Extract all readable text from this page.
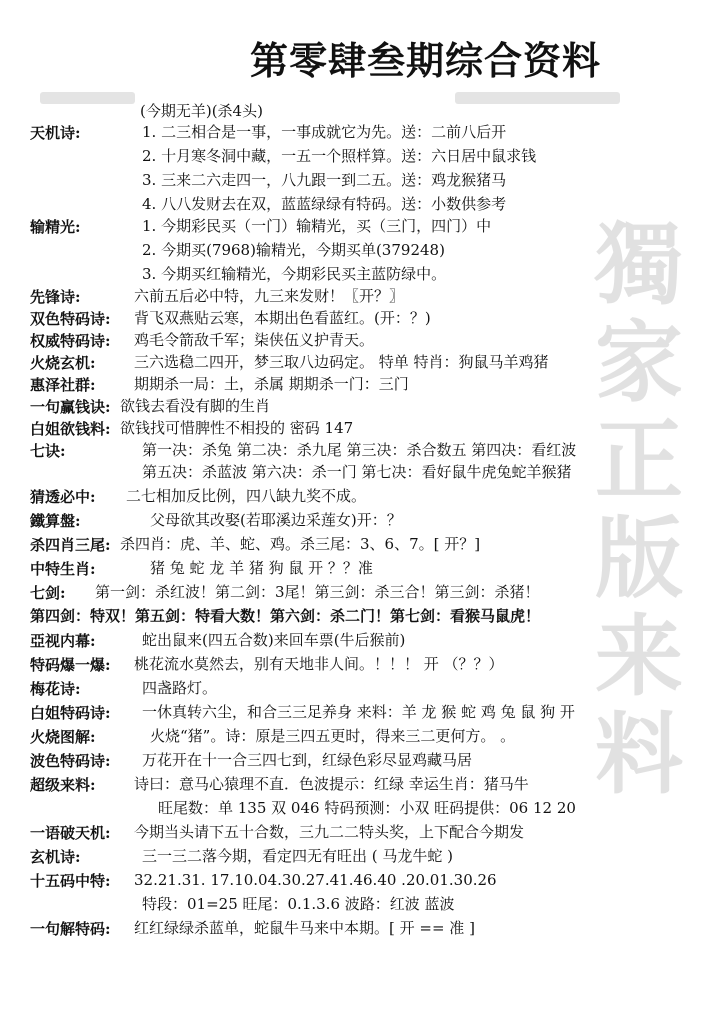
第零肆叁期综合资料
(今期无羊)(杀4头)
天机诗:	1. 二三相合是一事，一事成就它为先。送：二前八后开
2. 十月寒冬洞中藏，一五一个照样算。送：六日居中鼠求钱
3. 三来二六走四一，八九跟一到二五。送：鸡龙猴猪马
4. 八八发财去在双，蓝蓝绿绿有特码。送：小数供参考
输精光:	1. 今期彩民买（一门）输精光，买（三门，四门）中
2. 今期买(7968)输精光，今期买单(379248)
3. 今期买红输精光，今期彩民买主蓝防绿中。
先锋诗:	六前五后必中特，九三来发财！〖开？〗
双色特码诗: 背飞双燕贴云寒，本期出色看蓝红。(开：？)
权威特码诗: 鸡毛令箭敌千军；柒侠伍义护青天。
火烧玄机:	三六选稳二四开，梦三取八边码定。 特单 特肖：狗鼠马羊鸡猪
惠泽社群:	期期杀一局：土，杀属 期期杀一门：三门
一句赢钱诀: 欲钱去看没有脚的生肖
白姐欲钱料: 欲钱找可惜脾性不相投的 密码 147
七诀:	第一决：杀兔 第二决：杀九尾 第三决：杀合数五 第四决：看红波
第五决：杀蓝波 第六决：杀一门 第七决：看好鼠牛虎兔蛇羊猴猪
猜透必中: 二七相加反比例，四八缺九奖不成。
鐵算盤:	父母欲其改娶(若耶溪边采莲女)开：？
杀四肖三尾: 杀四肖：虎、羊、蛇、鸡。杀三尾：3、6、7。[ 开？]
中特生肖:	猪 兔 蛇 龙 羊 猪 狗 鼠 开 ？？准
七剑: 第一剑：杀红波！第二剑：3尾！第三剑：杀三合！第三剑：杀猪！
第四剑：特双！第五剑：特看大数！第六剑：杀二门！第七剑：看猴马鼠虎！
亞视内幕:	蛇出鼠来(四五合数)来回车票(牛后猴前)
特码爆一爆: 桃花流水莫然去，别有天地非人间。！！！ 开 （？？）
梅花诗:	四盏路灯。
白姐特码诗: 一休真转六尘，和合三三足养身 来料：羊 龙 猴 蛇 鸡 兔 鼠 狗 开
火烧图解:	火烧“猪”。诗：原是三四五更时，得来三二更何方。 。
波色特码诗: 万花开在十一合三四七到，红绿色彩尽显鸡藏马居
超级来料:	诗曰：意马心猿理不直．色波提示：红绿 幸运生肖：猪马牛
旺尾数：单 135 双 046 特码预测：小双 旺码提供：06 12 20
一语破天机: 今期当头请下五十合数，三九二二特头奖，上下配合今期发
玄机诗:	三一三二落今期，看定四无有旺出 ( 马龙牛蛇 )
十五码中特: 32.21.31. 17.10.04.30.27.41.46.40 .20.01.30.26
特段：01=25 旺尾：0.1.3.6 波路：红波 蓝波
一句解特码: 红红绿绿杀蓝单，蛇鼠牛马来中本期。[ 开 == 准 ]
獨
家
正
版
来
料
